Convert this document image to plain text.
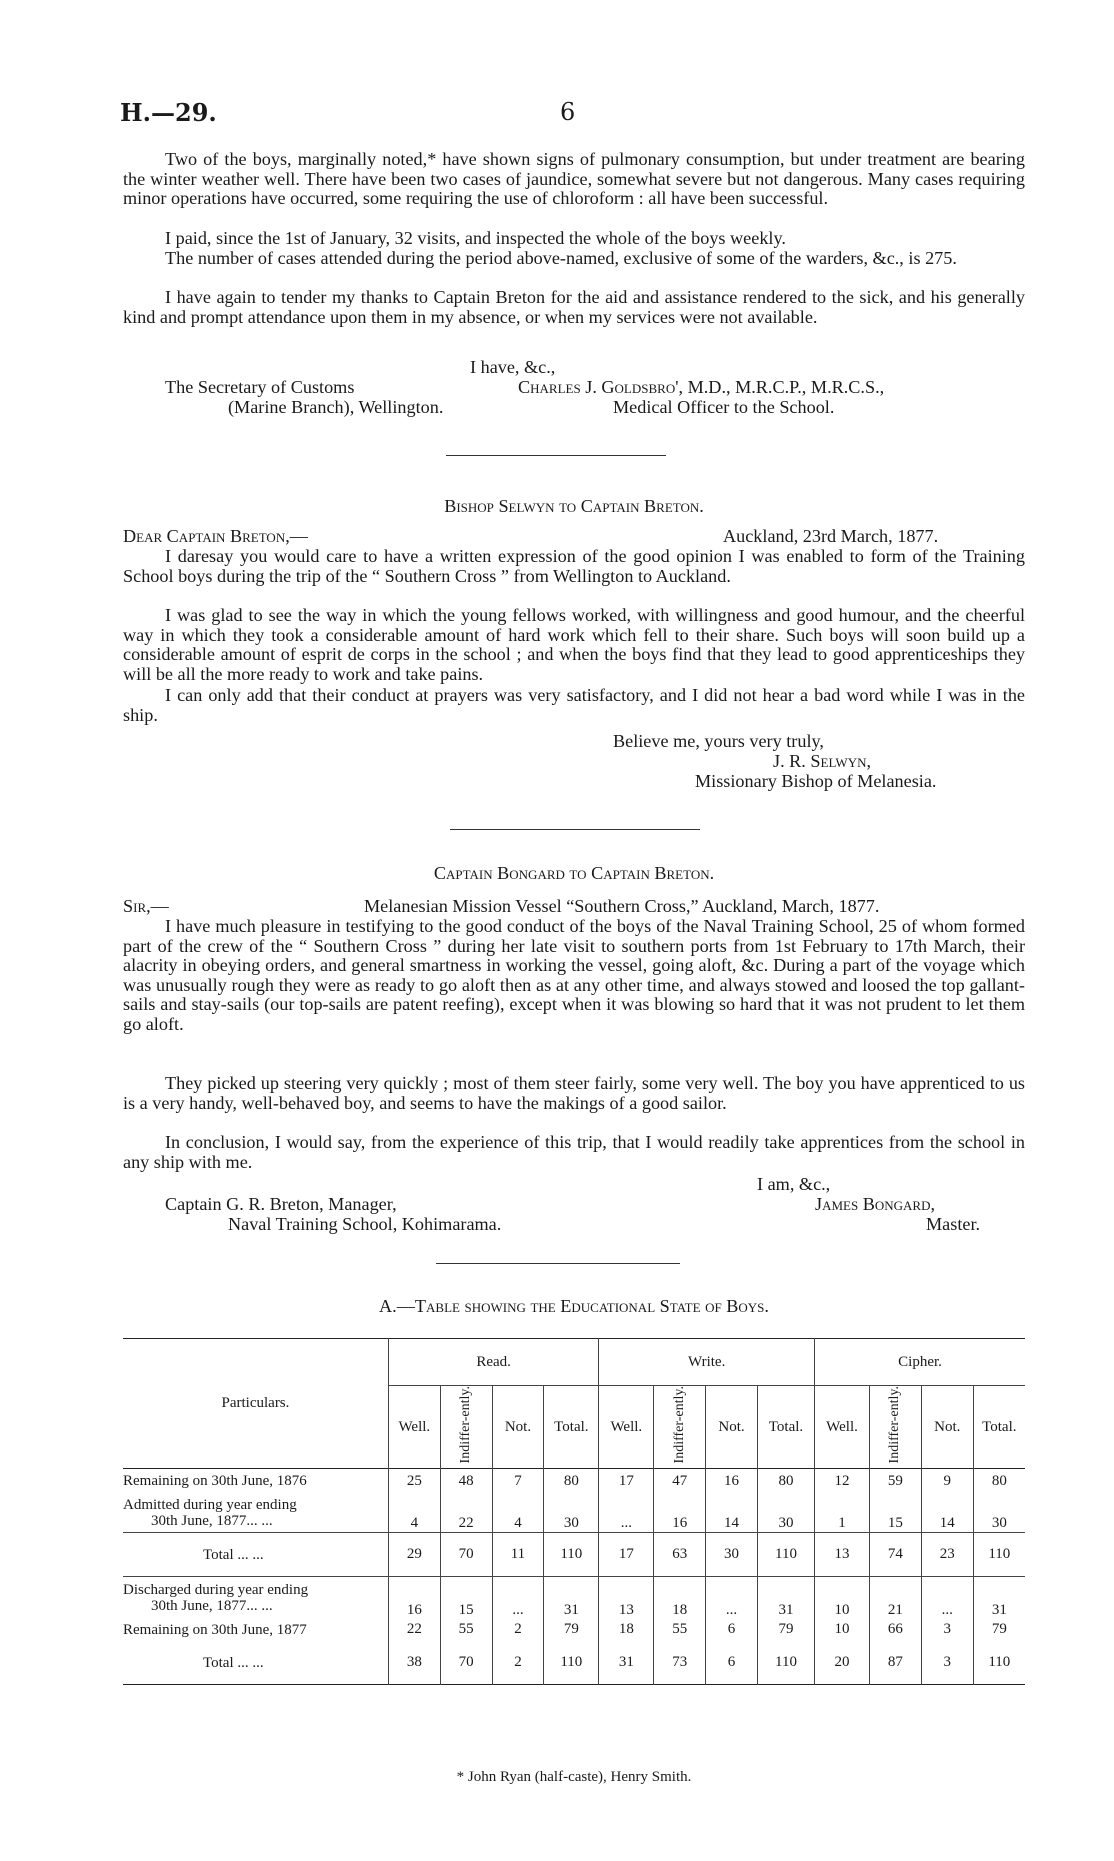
H.—29.	6

Two of the boys, marginally noted,* have shown signs of pulmonary consumption, but under treatment are bearing the winter weather well. There have been two cases of jaundice, somewhat severe but not dangerous. Many cases requiring minor operations have occurred, some requiring the use of chloroform : all have been successful.

I paid, since the 1st of January, 32 visits, and inspected the whole of the boys weekly.

The number of cases attended during the period above-named, exclusive of some of the warders, &c., is 275.

I have again to tender my thanks to Captain Breton for the aid and assistance rendered to the sick, and his generally kind and prompt attendance upon them in my absence, or when my services were not available.

I have, &c.,
The Secretary of Customs
(Marine Branch), Wellington.
Charles J. Goldsbro', M.D., M.R.C.P., M.R.C.S.,
Medical Officer to the School.
Bishop Selwyn to Captain Breton.
Dear Captain Breton,—	Auckland, 23rd March, 1877.

I daresay you would care to have a written expression of the good opinion I was enabled to form of the Training School boys during the trip of the “ Southern Cross ” from Wellington to Auckland.

I was glad to see the way in which the young fellows worked, with willingness and good humour, and the cheerful way in which they took a considerable amount of hard work which fell to their share. Such boys will soon build up a considerable amount of esprit de corps in the school ; and when the boys find that they lead to good apprenticeships they will be all the more ready to work and take pains.

I can only add that their conduct at prayers was very satisfactory, and I did not hear a bad word while I was in the ship.

Believe me, yours very truly,
J. R. Selwyn,
Missionary Bishop of Melanesia.
Captain Bongard to Captain Breton.
Sir,—	Melanesian Mission Vessel “Southern Cross,” Auckland, March, 1877.

I have much pleasure in testifying to the good conduct of the boys of the Naval Training School, 25 of whom formed part of the crew of the “ Southern Cross ” during her late visit to southern ports from 1st February to 17th March, their alacrity in obeying orders, and general smartness in working the vessel, going aloft, &c. During a part of the voyage which was unusually rough they were as ready to go aloft then as at any other time, and always stowed and loosed the top gallant-sails and stay-sails (our top-sails are patent reefing), except when it was blowing so hard that it was not prudent to let them go aloft.

They picked up steering very quickly ; most of them steer fairly, some very well. The boy you have apprenticed to us is a very handy, well-behaved boy, and seems to have the makings of a good sailor.

In conclusion, I would say, from the experience of this trip, that I would readily take apprentices from the school in any ship with me.

I am, &c.,
Captain G. R. Breton, Manager,
Naval Training School, Kohimarama.
James Bongard,
Master.
A.—Table showing the Educational State of Boys.
Particulars.	Read.				Write.				Cipher.			
	Well.	Indiffer-ently.	Not.	Total.	Well.	Indiffer-ently.	Not.	Total.	Well.	Indiffer-ently.	Not.	Total.

Remaining on 30th June, 1876	25	48	7	80	17	47	16	80	12	59	9	80

Admitted during year ending
30th June, 1877... ...	4	22	4	30	...	16	14	30	1	15	14	30

Total ... ...	29	70	11	110	17	63	30	110	13	74	23	110

Discharged during year ending
30th June, 1877... ...	16	15	...	31	13	18	...	31	10	21	...	31

Remaining on 30th June, 1877	22	55	2	79	18	55	6	79	10	66	3	79

Total ... ...	38	70	2	110	31	73	6	110	20	87	3	110
* John Ryan (half-caste), Henry Smith.
